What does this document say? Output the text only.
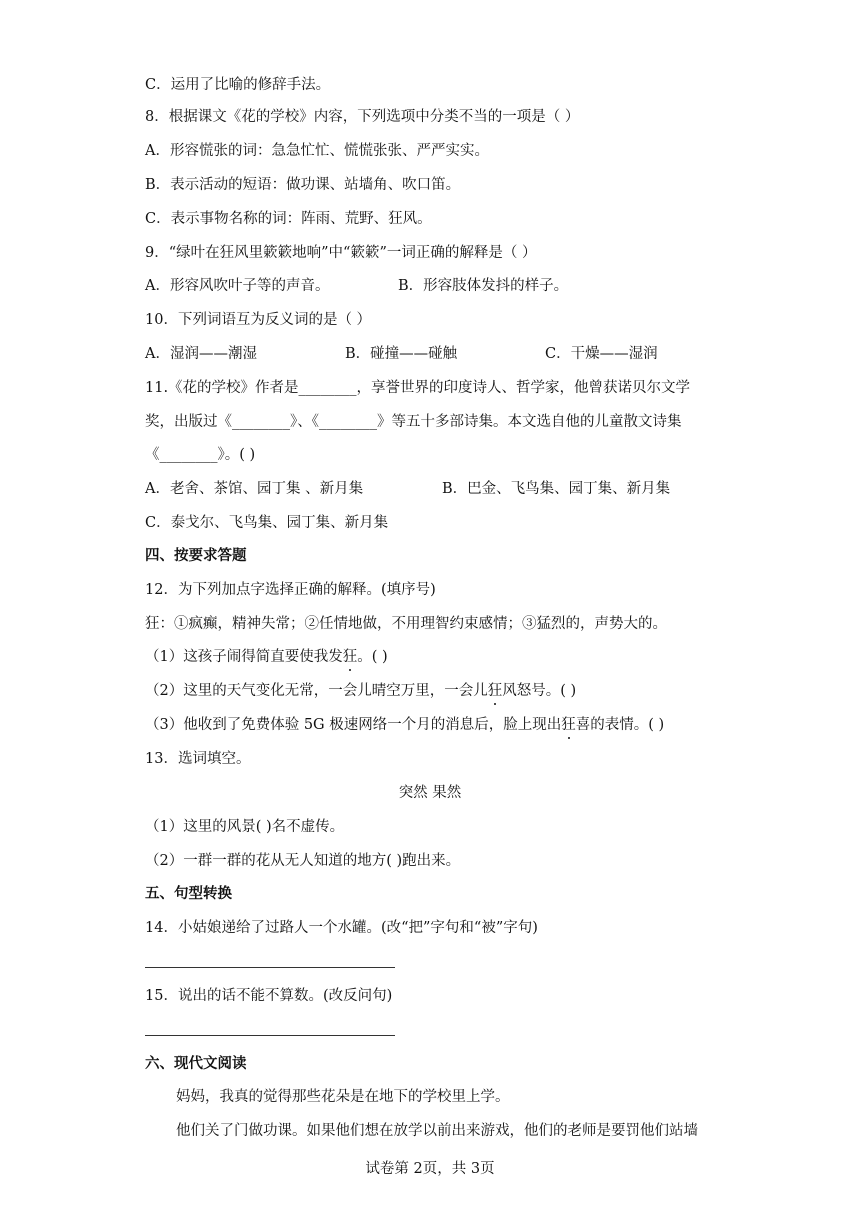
C．运用了比喻的修辞手法。
8．根据课文《花的学校》内容，下列选项中分类不当的一项是（ ）
A．形容慌张的词：急急忙忙、慌慌张张、严严实实。
B．表示活动的短语：做功课、站墙角、吹口笛。
C．表示事物名称的词：阵雨、荒野、狂风。
9．“绿叶在狂风里簌簌地响”中“簌簌”一词正确的解释是（ ）
A．形容风吹叶子等的声音。	B．形容肢体发抖的样子。
10．下列词语互为反义词的是（ ）
A．湿润——潮湿	B．碰撞——碰触	C．干燥——湿润
11.《花的学校》作者是________，享誉世界的印度诗人、哲学家，他曾获诺贝尔文学
奖，出版过《________》、《________》等五十多部诗集。本文选自他的儿童散文诗集
《________》。( )
A．老舍、茶馆、园丁集 、新月集	B．巴金、飞鸟集、园丁集、新月集
C．泰戈尔、飞鸟集、园丁集、新月集
四、按要求答题
12．为下列加点字选择正确的解释。(填序号)
狂：①疯癫，精神失常；②任情地做，不用理智约束感情；③猛烈的，声势大的。
（1）这孩子闹得简直要使我发狂。( )
（2）这里的天气变化无常，一会儿晴空万里，一会儿狂风怒号。( )
（3）他收到了免费体验 5G 极速网络一个月的消息后，脸上现出狂喜的表情。( )
13．选词填空。
突然 果然
（1）这里的风景( )名不虚传。
（2）一群一群的花从无人知道的地方( )跑出来。
五、句型转换
14．小姑娘递给了过路人一个水罐。(改“把”字句和“被”字句)
15．说出的话不能不算数。(改反问句)
六、现代文阅读
妈妈，我真的觉得那些花朵是在地下的学校里上学。
他们关了门做功课。如果他们想在放学以前出来游戏，他们的老师是要罚他们站墙
试卷第 2页，共 3页
